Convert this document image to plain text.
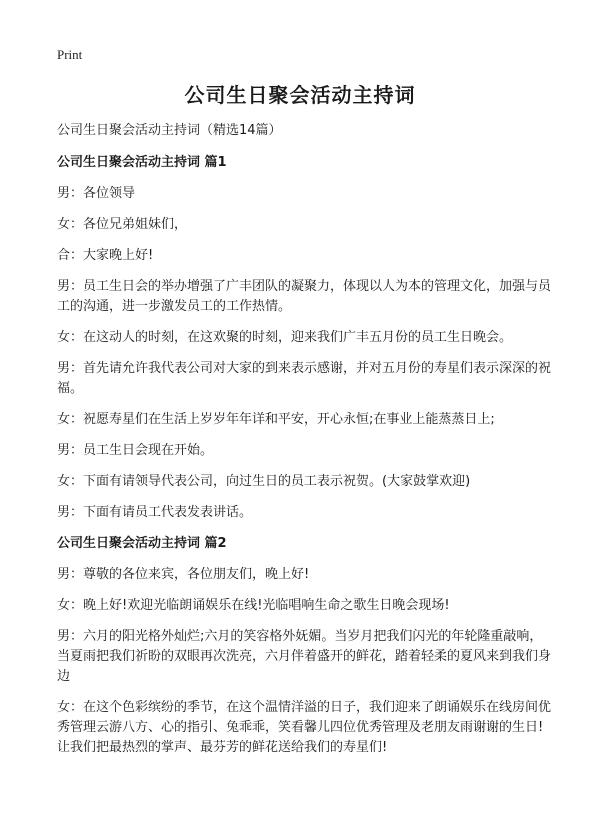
Print
公司生日聚会活动主持词

公司生日聚会活动主持词（精选14篇）

公司生日聚会活动主持词 篇1

男：各位领导

女：各位兄弟姐妹们，

合：大家晚上好!

男：员工生日会的举办增强了广丰团队的凝聚力，体现以人为本的管理文化，加强与员工的沟通，进一步激发员工的工作热情。

女：在这动人的时刻，在这欢聚的时刻，迎来我们广丰五月份的员工生日晚会。

男：首先请允许我代表公司对大家的到来表示感谢，并对五月份的寿星们表示深深的祝福。

女：祝愿寿星们在生活上岁岁年年详和平安，开心永恒;在事业上能蒸蒸日上;

男：员工生日会现在开始。

女：下面有请领导代表公司，向过生日的员工表示祝贺。(大家鼓掌欢迎)

男：下面有请员工代表发表讲话。

公司生日聚会活动主持词 篇2

男：尊敬的各位来宾，各位朋友们，晚上好!

女：晚上好!欢迎光临朗诵娱乐在线!光临唱响生命之歌生日晚会现场!

男：六月的阳光格外灿烂;六月的笑容格外妩媚。当岁月把我们闪光的年轮隆重敲响，当夏雨把我们祈盼的双眼再次洗亮，六月伴着盛开的鲜花，踏着轻柔的夏风来到我们身边

女：在这个色彩缤纷的季节，在这个温情洋溢的日子，我们迎来了朗诵娱乐在线房间优秀管理云游八方、心的指引、兔乖乖，笑看馨儿四位优秀管理及老朋友雨谢谢的生日!让我们把最热烈的掌声、最芬芳的鲜花送给我们的寿星们!
